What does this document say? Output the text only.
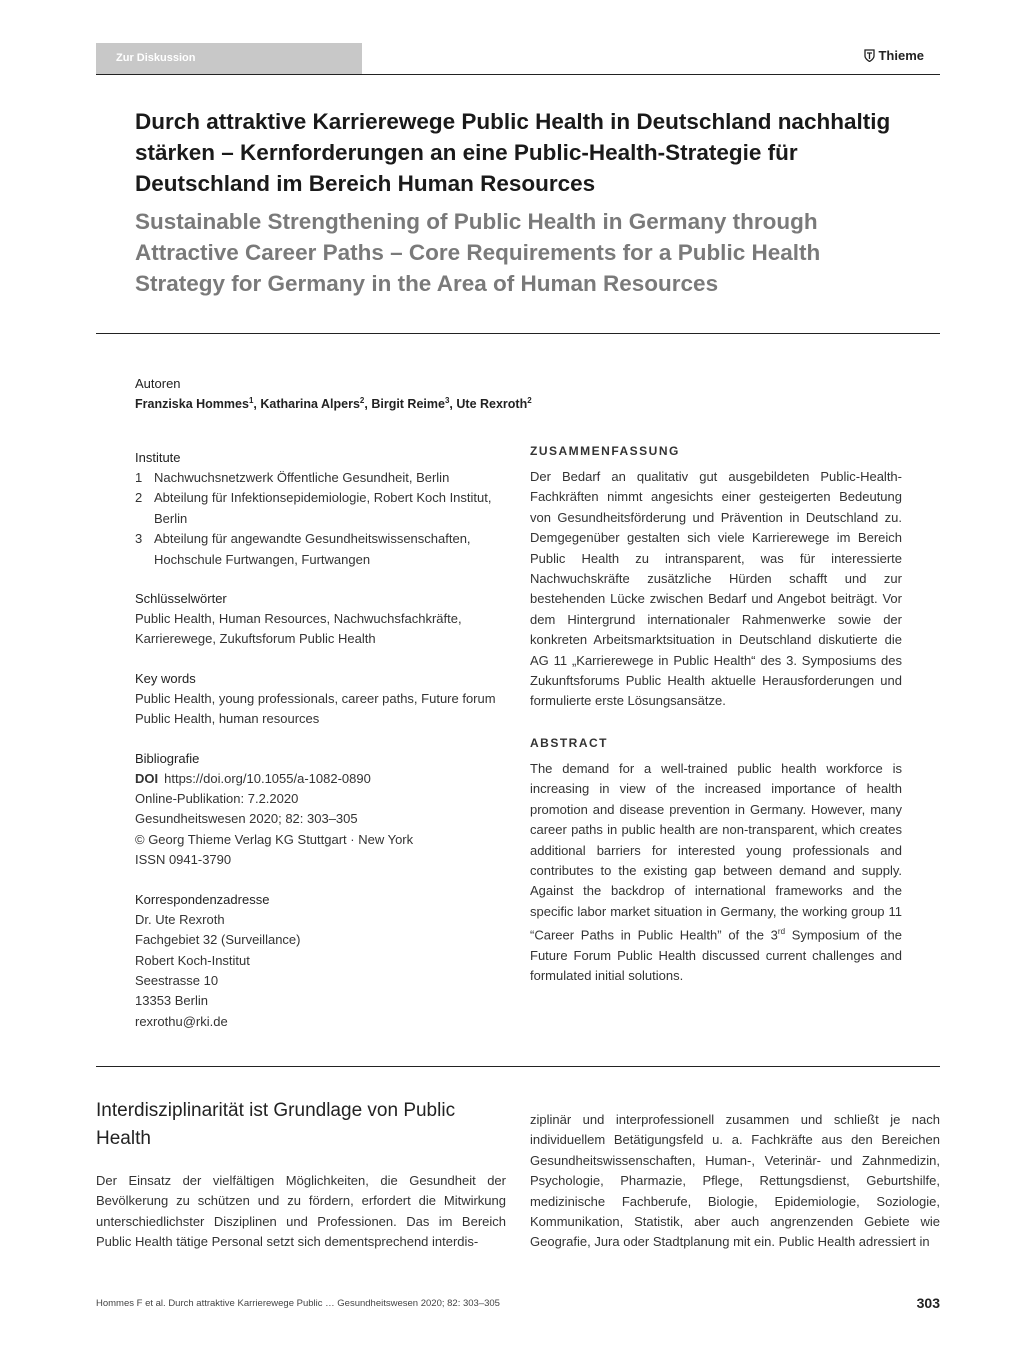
Zur Diskussion	Thieme
Durch attraktive Karrierewege Public Health in Deutschland nachhaltig stärken – Kernforderungen an eine Public-Health-Strategie für Deutschland im Bereich Human Resources
Sustainable Strengthening of Public Health in Germany through Attractive Career Paths – Core Requirements for a Public Health Strategy for Germany in the Area of Human Resources
Autoren
Franziska Hommes$^1$, Katharina Alpers$^2$, Birgit Reime$^3$, Ute Rexroth$^2$
Institute
1 Nachwuchsnetzwerk Öffentliche Gesundheit, Berlin
2 Abteilung für Infektionsepidemiologie, Robert Koch Institut, Berlin
3 Abteilung für angewandte Gesundheitswissenschaften, Hochschule Furtwangen, Furtwangen
Schlüsselwörter
Public Health, Human Resources, Nachwuchsfachkräfte, Karrierewege, Zukuftsforum Public Health
Key words
Public Health, young professionals, career paths, Future forum Public Health, human resources
Bibliografie
DOI https://doi.org/10.1055/a-1082-0890
Online-Publikation: 7.2.2020
Gesundheitswesen 2020; 82: 303–305
© Georg Thieme Verlag KG Stuttgart · New York
ISSN 0941-3790
Korrespondenzadresse
Dr. Ute Rexroth
Fachgebiet 32 (Surveillance)
Robert Koch-Institut
Seestrasse 10
13353 Berlin
rexrothu@rki.de
ZUSAMMENFASSUNG
Der Bedarf an qualitativ gut ausgebildeten Public-Health-Fachkräften nimmt angesichts einer gesteigerten Bedeutung von Gesundheitsförderung und Prävention in Deutschland zu. Demgegenüber gestalten sich viele Karrierewege im Bereich Public Health zu intransparent, was für interessierte Nachwuchskräfte zusätzliche Hürden schafft und zur bestehenden Lücke zwischen Bedarf und Angebot beiträgt. Vor dem Hintergrund internationaler Rahmenwerke sowie der konkreten Arbeitsmarktsituation in Deutschland diskutierte die AG 11 „Karrierewege in Public Health“ des 3. Symposiums des Zukunftsforums Public Health aktuelle Herausforderungen und formulierte erste Lösungsansätze.
ABSTRACT
The demand for a well-trained public health workforce is increasing in view of the increased importance of health promotion and disease prevention in Germany. However, many career paths in public health are non-transparent, which creates additional barriers for interested young professionals and contributes to the existing gap between demand and supply. Against the backdrop of international frameworks and the specific labor market situation in Germany, the working group 11 “Career Paths in Public Health” of the 3rd Symposium of the Future Forum Public Health discussed current challenges and formulated initial solutions.
Interdisziplinarität ist Grundlage von Public Health
Der Einsatz der vielfältigen Möglichkeiten, die Gesundheit der Bevölkerung zu schützen und zu fördern, erfordert die Mitwirkung unterschiedlichster Disziplinen und Professionen. Das im Bereich Public Health tätige Personal setzt sich dementsprechend interdis-
ziplinär und interprofessionell zusammen und schließt je nach individuellem Betätigungsfeld u. a. Fachkräfte aus den Bereichen Gesundheitswissenschaften, Human-, Veterinär- und Zahnmedizin, Psychologie, Pharmazie, Pflege, Rettungsdienst, Geburtshilfe, medizinische Fachberufe, Biologie, Epidemiologie, Soziologie, Kommunikation, Statistik, aber auch angrenzenden Gebiete wie Geografie, Jura oder Stadtplanung mit ein. Public Health adressiert in
Hommes F et al. Durch attraktive Karrierewege Public … Gesundheitswesen 2020; 82: 303–305	303
